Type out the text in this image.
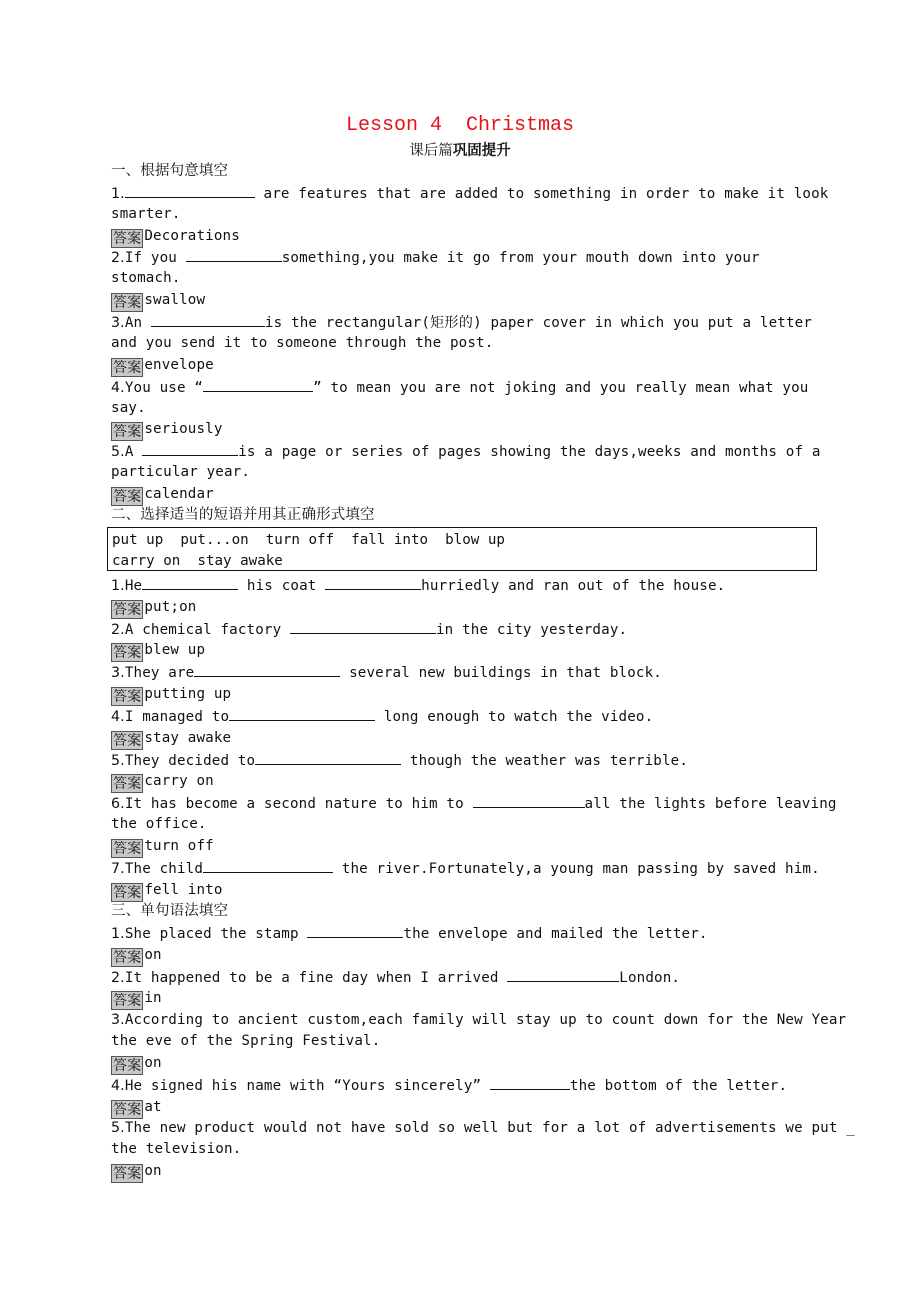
Lesson 4  Christmas
课后篇巩固提升
一、根据句意填空
1.	are features that are added to something in order to make it look
smarter.
答案 Decorations
2.If you	something,you make it go from your mouth down into your
stomach.
答案 swallow
3.An	is the rectangular(矩形的) paper cover in which you put a letter
and you send it to someone through the post.
答案 envelope
4.You use “	” to mean you are not joking and you really mean what you
say.
答案 seriously
5.A	is a page or series of pages showing the days,weeks and months of a
particular year.
答案 calendar
二、选择适当的短语并用其正确形式填空
put up  put...on  turn off  fall into  blow up
carry on  stay awake
1.He	his coat	hurriedly and ran out of the house.
答案 put;on
2.A chemical factory	in the city yesterday.
答案 blew up
3.They are	several new buildings in that block.
答案 putting up
4.I managed to	long enough to watch the video.
答案 stay awake
5.They decided to	though the weather was terrible.
答案 carry on
6.It has become a second nature to him to	all the lights before leaving
the office.
答案 turn off
7.The child	the river.Fortunately,a young man passing by saved him.
答案 fell into
三、单句语法填空
1.She placed the stamp	the envelope and mailed the letter.
答案 on
2.It happened to be a fine day when I arrived	London.
答案 in
3.According to ancient custom,each family will stay up to count down for the New Year
the eve of the Spring Festival.
答案 on
4.He signed his name with “Yours sincerely”	the bottom of the letter.
答案 at
5.The new product would not have sold so well but for a lot of advertisements we put _
the television.
答案 on
